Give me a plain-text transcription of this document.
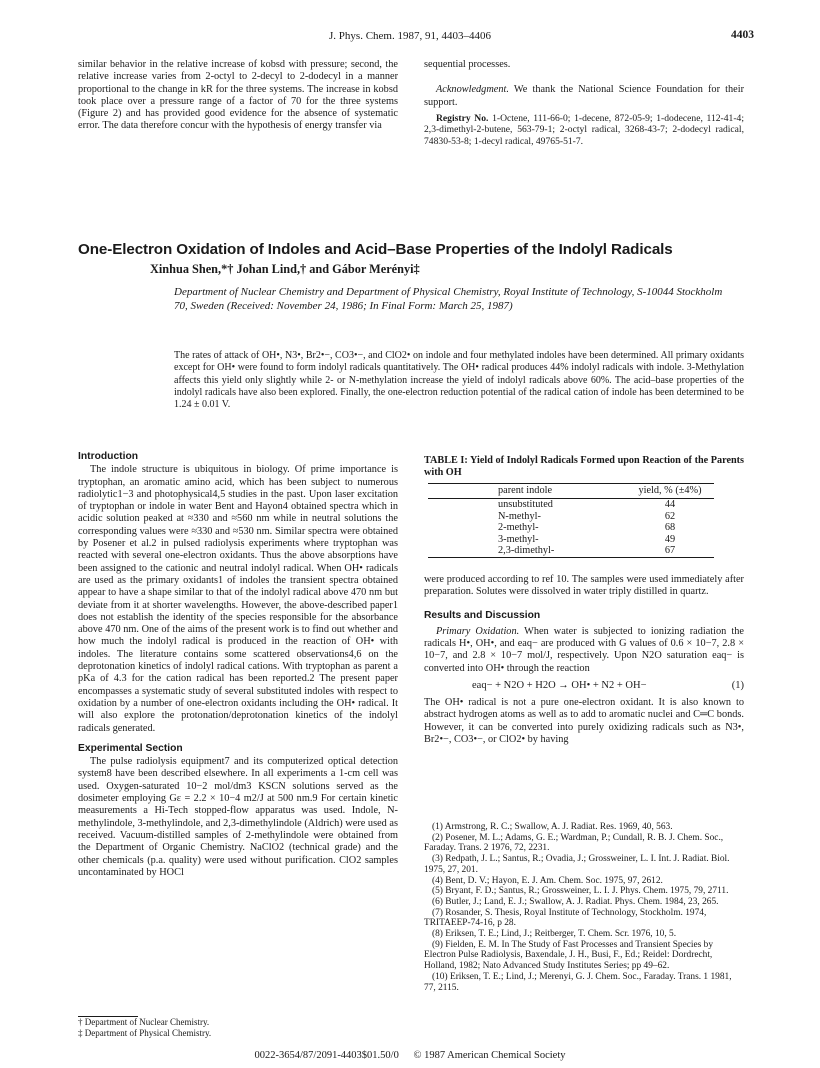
J. Phys. Chem. 1987, 91, 4403–4406	4403

similar behavior in the relative increase of kobsd with pressure; second, the relative increase varies from 2-octyl to 2-decyl to 2-dodecyl in a manner proportional to the change in kR for the three systems. The increase in kobsd took place over a pressure range of a factor of 70 for the three systems (Figure 2) and has provided good evidence for the absence of systematic error. The data therefore concur with the hypothesis of energy transfer via

sequential processes.

Acknowledgment. We thank the National Science Foundation for their support.

Registry No. 1-Octene, 111-66-0; 1-decene, 872-05-9; 1-dodecene, 112-41-4; 2,3-dimethyl-2-butene, 563-79-1; 2-octyl radical, 3268-43-7; 2-dodecyl radical, 74830-53-8; 1-decyl radical, 49765-51-7.

One-Electron Oxidation of Indoles and Acid–Base Properties of the Indolyl Radicals
Xinhua Shen,*† Johan Lind,† and Gábor Merényi‡
Department of Nuclear Chemistry and Department of Physical Chemistry, Royal Institute of Technology, S-10044 Stockholm 70, Sweden (Received: November 24, 1986; In Final Form: March 25, 1987)
The rates of attack of OH•, N3•, Br2•−, CO3•−, and ClO2• on indole and four methylated indoles have been determined. All primary oxidants except for OH• were found to form indolyl radicals quantitatively. The OH• radical produces 44% indolyl radicals with indole. 3-Methylation affects this yield only slightly while 2- or N-methylation increase the yield of indolyl radicals above 60%. The acid–base properties of the indolyl radicals have also been explored. Finally, the one-electron reduction potential of the radical cation of indole has been determined to be 1.24 ± 0.01 V.
Introduction

The indole structure is ubiquitous in biology. Of prime importance is tryptophan, an aromatic amino acid, which has been subject to numerous radiolytic1−3 and photophysical4,5 studies in the past. Upon laser excitation of tryptophan or indole in water Bent and Hayon4 obtained spectra which in acidic solution peaked at ≈330 and ≈560 nm while in neutral solutions the corresponding values were ≈330 and ≈530 nm. Similar spectra were obtained by Posener et al.2 in pulsed radiolysis experiments where tryptophan was reacted with several one-electron oxidants. Thus the above absorptions have been assigned to the cationic and neutral indolyl radical. When OH• radicals are used as the primary oxidants1 of indoles the transient spectra obtained appear to have a shape similar to that of the indolyl radical above 470 nm but deviate from it at shorter wavelengths. However, the above-described paper1 does not establish the identity of the species responsible for the absorbance above 470 nm. One of the aims of the present work is to find out whether and how much the indolyl radical is produced in the reaction of OH• with indoles. The literature contains some scattered observations4,6 on the deprotonation kinetics of indolyl radical cations. With tryptophan as parent a pKa of 4.3 for the cation radical has been reported.2 The present paper encompasses a systematic study of several substituted indoles with respect to oxidation by a number of one-electron oxidants including the OH• radical. It will also explore the protonation/deprotonation kinetics of the indolyl radicals generated.

Experimental Section

The pulse radiolysis equipment7 and its computerized optical detection system8 have been described elsewhere. In all experiments a 1-cm cell was used. Oxygen-saturated 10−2 mol/dm3 KSCN solutions served as the dosimeter employing Gε = 2.2 × 10−4 m2/J at 500 nm.9 For certain kinetic measurements a Hi-Tech stopped-flow apparatus was used. Indole, N-methylindole, 3-methylindole, and 2,3-dimethylindole (Aldrich) were used as received. Vacuum-distilled samples of 2-methylindole were obtained from the Department of Organic Chemistry. NaClO2 (technical grade) and the other chemicals (p.a. quality) were used without purification. ClO2 samples uncontaminated by HOCl

† Department of Nuclear Chemistry.
‡ Department of Physical Chemistry.
TABLE I: Yield of Indolyl Radicals Formed upon Reaction of the Parents with OH
parent indole	yield, % (±4%)
unsubstituted	44
N-methyl-	62
2-methyl-	68
3-methyl-	49
2,3-dimethyl-	67

were produced according to ref 10. The samples were used immediately after preparation. Solutes were dissolved in water triply distilled in quartz.

Results and Discussion

Primary Oxidation. When water is subjected to ionizing radiation the radicals H•, OH•, and eaq− are produced with G values of 0.6 × 10−7, 2.8 × 10−7, and 2.8 × 10−7 mol/J, respectively. Upon N2O saturation eaq− is converted into OH• through the reaction

eaq− + N2O + H2O → OH• + N2 + OH−	(1)

The OH• radical is not a pure one-electron oxidant. It is also known to abstract hydrogen atoms as well as to add to aromatic nuclei and C═C bonds. However, it can be converted into purely oxidizing radicals such as N3•, Br2•−, CO3•−, or ClO2• by having

(1) Armstrong, R. C.; Swallow, A. J. Radiat. Res. 1969, 40, 563.
(2) Posener, M. L.; Adams, G. E.; Wardman, P.; Cundall, R. B. J. Chem. Soc., Faraday. Trans. 2 1976, 72, 2231.
(3) Redpath, J. L.; Santus, R.; Ovadia, J.; Grossweiner, L. I. Int. J. Radiat. Biol. 1975, 27, 201.
(4) Bent, D. V.; Hayon, E. J. Am. Chem. Soc. 1975, 97, 2612.
(5) Bryant, F. D.; Santus, R.; Grossweiner, L. I. J. Phys. Chem. 1975, 79, 2711.
(6) Butler, J.; Land, E. J.; Swallow, A. J. Radiat. Phys. Chem. 1984, 23, 265.
(7) Rosander, S. Thesis, Royal Institute of Technology, Stockholm. 1974, TRITAEEP-74-16, p 28.
(8) Eriksen, T. E.; Lind, J.; Reitberger, T. Chem. Scr. 1976, 10, 5.
(9) Fielden, E. M. In The Study of Fast Processes and Transient Species by Electron Pulse Radiolysis, Baxendale, J. H., Busi, F., Ed.; Reidel: Dordrecht, Holland, 1982; Nato Advanced Study Institutes Series; pp 49–62.
(10) Eriksen, T. E.; Lind, J.; Merenyi, G. J. Chem. Soc., Faraday. Trans. 1 1981, 77, 2115.
0022-3654/87/2091-4403$01.50/0 © 1987 American Chemical Society
